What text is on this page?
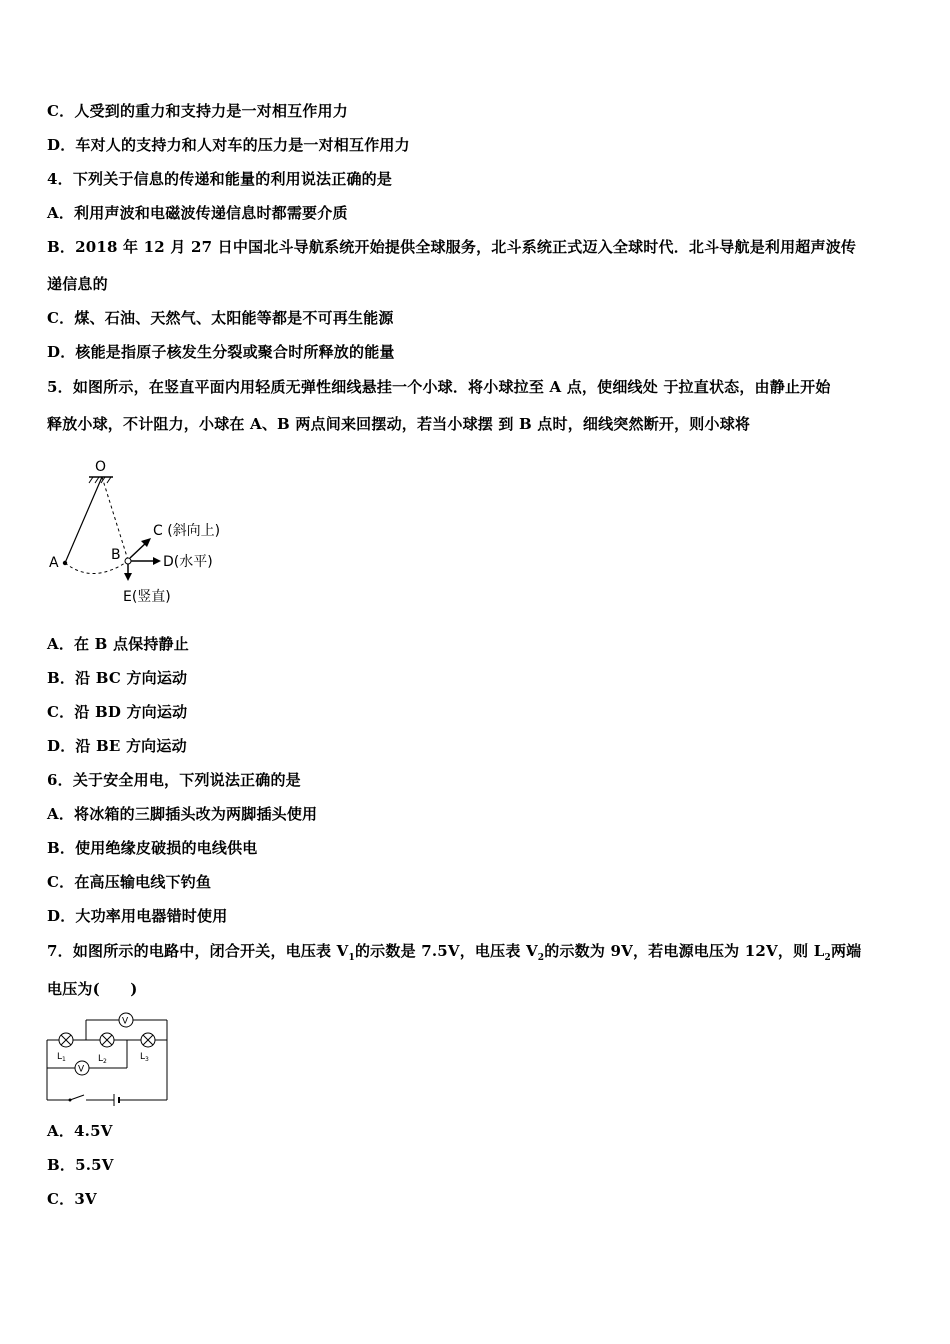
C．人受到的重力和支持力是一对相互作用力
D．车对人的支持力和人对车的压力是一对相互作用力
4．下列关于信息的传递和能量的利用说法正确的是
A．利用声波和电磁波传递信息时都需要介质
B．2018 年 12 月 27 日中国北斗导航系统开始提供全球服务，北斗系统正式迈入全球时代．北斗导航是利用超声波传
递信息的
C．煤、石油、天然气、太阳能等都是不可再生能源
D．核能是指原子核发生分裂或聚合时所释放的能量
5．如图所示，在竖直平面内用轻质无弹性细线悬挂一个小球．将小球拉至 A 点，使细线处 于拉直状态，由静止开始
释放小球，不计阻力，小球在 A、B 两点间来回摆动，若当小球摆 到 B 点时，细线突然断开，则小球将
O
A	B
C (斜向上)
D(水平)
E(竖直)
A．在 B 点保持静止
B．沿 BC 方向运动
C．沿 BD 方向运动
D．沿 BE 方向运动
6．关于安全用电，下列说法正确的是
A．将冰箱的三脚插头改为两脚插头使用
B．使用绝缘皮破损的电线供电
C．在高压输电线下钓鱼
D．大功率用电器错时使用
7．如图所示的电路中，闭合开关，电压表 $V_1$的示数是 7.5V，电压表 $V_2$的示数为 9V，若电源电压为 12V，则 $L_2$两端
电压为(　　)
$L_1$	$L_2$	$L_3$
V
V
A．4.5V
B．5.5V
C．3V
